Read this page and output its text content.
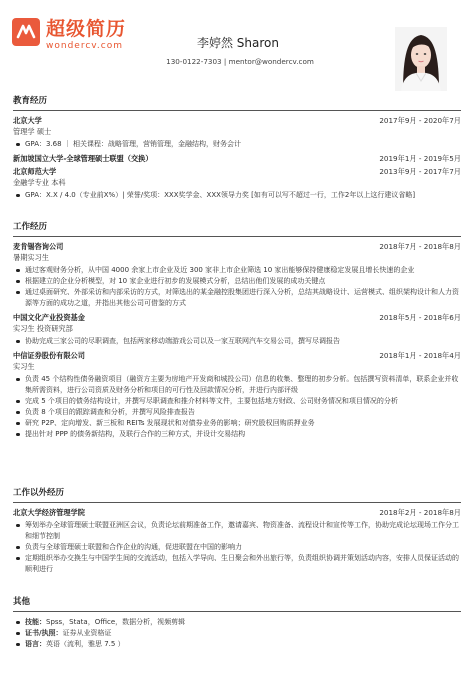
超级简历
wondercv.com	李婷然 Sharon
130-0122-7303 | mentor@wondercv.com
教育经历
北京大学	2017年9月 - 2020年7月
管理学 硕士
GPA：3.68 ｜ 相关课程：战略管理，营销管理，金融结构，财务会计
新加坡国立大学-全球管理硕士联盟（交换）	2019年1月 - 2019年5月
北京师范大学	2013年9月 - 2017年7月
金融学专业 本科
GPA：X.X / 4.0（专业前X%）| 荣誉/奖项：XXX奖学金、XXX领导力奖 [如有可以写不超过一行，工作2年以上这行建议省略]
工作经历
麦肯锡咨询公司	2018年7月 - 2018年8月
暑期实习生
通过客观财务分析，从中国 4000 余家上市企业及近 300 家非上市企业筛选 10 家出能够保持健康稳定发展且增长快速的企业
根据建立的企业分析模型，对 10 家企业进行初步的发展模式分析，总结出他们发展的成功关键点
通过桌面研究、外部采访和内部采访的方式，对筛选出的某金融控股集团进行深入分析，总结其战略设计、运营模式、组织架构设计和人力资源等方面的成功之道，并指出其他公司可借鉴的方式
中国文化产业投资基金	2018年5月 - 2018年6月
实习生 投资研究部
协助完成三家公司的尽职调查，包括两家移动端游戏公司以及一家互联网汽车交易公司，撰写尽调报告
中信证券股份有限公司	2018年1月 - 2018年4月
实习生
负责 45 个结构性债务融资项目（融资方主要为房地产开发商和城投公司）信息的收集、整理的初步分析。包括撰写资料清单，联系企业并收集所需资料，进行公司资质及财务分析和项目的可行性及回款情况分析，并进行内部评级
完成 5 个项目的债务结构设计，并撰写尽职调查和推介材料等文件，主要包括地方财政、公司财务情况和项目情况的分析
负责 8 个项目的跟踪调查和分析，并撰写风险排查报告
研究 P2P、定向增发、新三板和 REITs 发展现状和对债券业务的影响；研究股权回购质押业务
提出针对 PPP 的债务新结构，及联行合作的三种方式，并设计交易结构
工作以外经历
北京大学经济管理学院	2018年2月 - 2018年8月
筹划举办全球管理硕士联盟亚洲区会议，负责论坛前期准备工作，邀请嘉宾、物资准备、流程设计和宣传等工作，协助完成论坛现场工作分工和细节控制
负责与全球管理硕士联盟和合作企业的沟通，促进联盟在中国的影响力
定期组织举办交换生与中国学生间的交流活动，包括入学导向、生日聚会和外出旅行等，负责组织协调并策划活动内容，安排人员保证活动的顺利进行
其他
技能：Spss，Stata，Office，数据分析，视频剪辑
证书/执照：证券从业资格证
语言：英语（流利，雅思 7.5 ）
